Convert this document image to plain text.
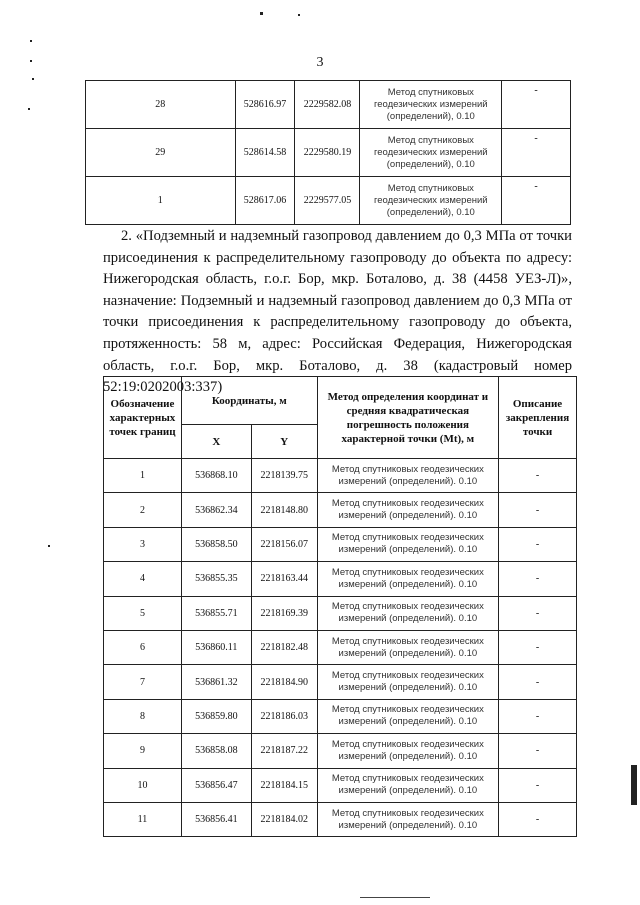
3
28	528616.97	2229582.08	Метод спутниковых геодезических измерений (определений), 0.10	-
29	528614.58	2229580.19	Метод спутниковых геодезических измерений (определений), 0.10	-
1	528617.06	2229577.05	Метод спутниковых геодезических измерений (определений), 0.10	-
2. «Подземный и надземный газопровод давлением до 0,3 МПа от точки присоединения к распределительному газопроводу до объекта по адресу: Нижегородская область, г.о.г. Бор, мкр. Боталово, д. 38 (4458 УЕЗ-Л)», назначение: Подземный и надземный газопровод давлением до 0,3 МПа от точки присоединения к распределительному газопроводу до объекта, протяженность: 58 м, адрес: Российская Федерация, Нижегородская область, г.о.г. Бор, мкр. Боталово, д. 38 (кадастровый номер 52:19:0202003:337)
Обозначение характерных точек границ	Координаты, м		Метод определения координат и средняя квадратическая погрешность положения характерной точки (Mt), м	Описание закрепления точки
	X	Y		
1	536868.10	2218139.75	Метод спутниковых геодезических измерений (определений). 0.10	-
2	536862.34	2218148.80	Метод спутниковых геодезических измерений (определений). 0.10	-
3	536858.50	2218156.07	Метод спутниковых геодезических измерений (определений). 0.10	-
4	536855.35	2218163.44	Метод спутниковых геодезических измерений (определений). 0.10	-
5	536855.71	2218169.39	Метод спутниковых геодезических измерений (определений). 0.10	-
6	536860.11	2218182.48	Метод спутниковых геодезических измерений (определений). 0.10	-
7	536861.32	2218184.90	Метод спутниковых геодезических измерений (определений). 0.10	-
8	536859.80	2218186.03	Метод спутниковых геодезических измерений (определений). 0.10	-
9	536858.08	2218187.22	Метод спутниковых геодезических измерений (определений). 0.10	-
10	536856.47	2218184.15	Метод спутниковых геодезических измерений (определений). 0.10	-
11	536856.41	2218184.02	Метод спутниковых геодезических измерений (определений). 0.10	-
